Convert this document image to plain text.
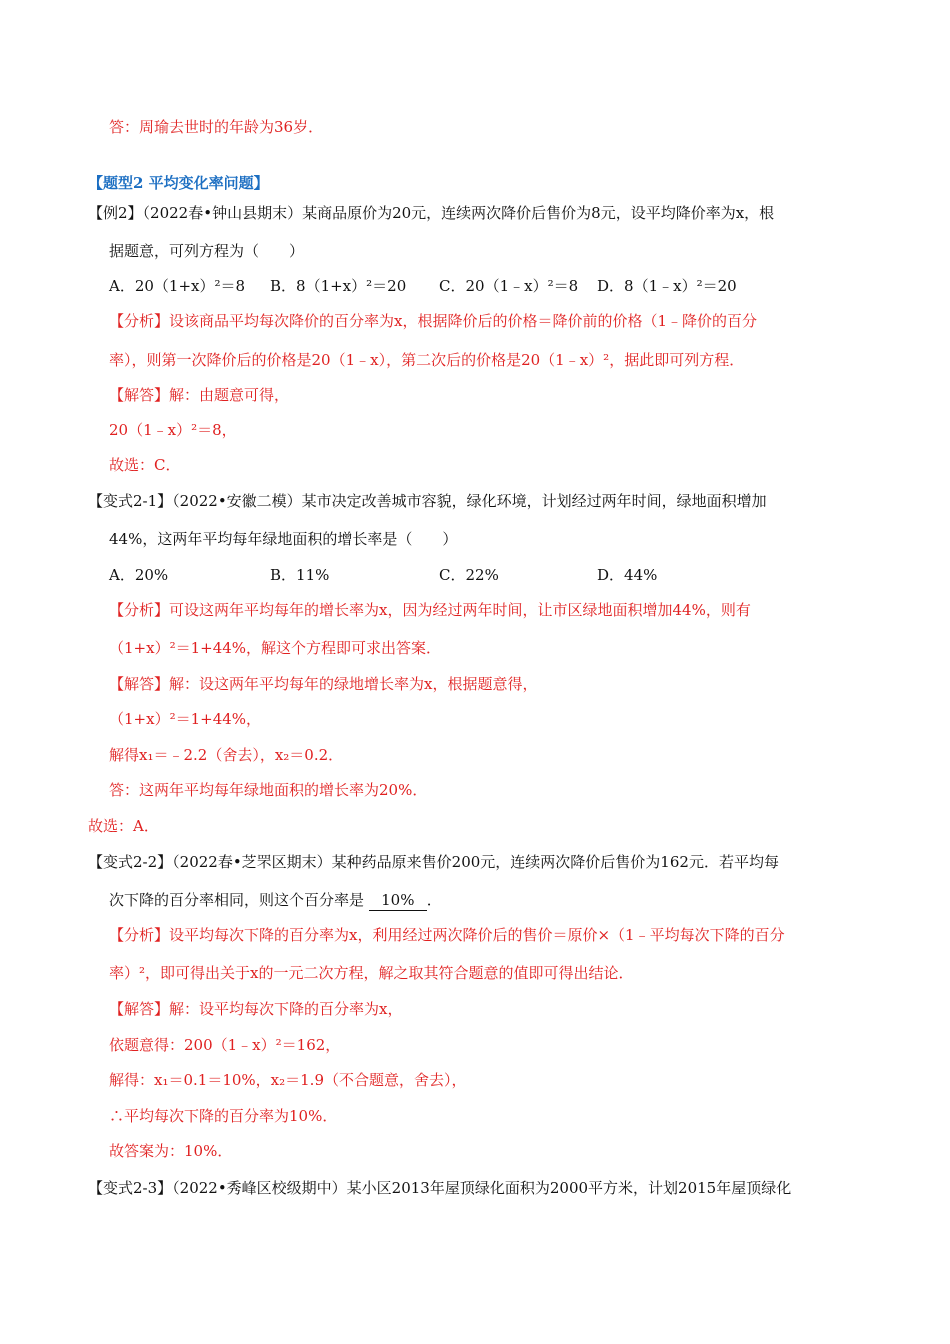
答：周瑜去世时的年龄为36岁．
【题型2 平均变化率问题】
【例2】（2022春•钟山县期末）某商品原价为20元，连续两次降价后售价为8元，设平均降价率为x，根
据题意，可列方程为（　　）
A．20（1+x）²＝8 B．8（1+x）²＝20 C．20（1﹣x）²＝8 D．8（1﹣x）²＝20
【分析】设该商品平均每次降价的百分率为x，根据降价后的价格＝降价前的价格（1﹣降价的百分
率），则第一次降价后的价格是20（1﹣x），第二次后的价格是20（1﹣x）²，据此即可列方程．
【解答】解：由题意可得，
20（1﹣x）²＝8，
故选：C．
【变式2-1】（2022•安徽二模）某市决定改善城市容貌，绿化环境，计划经过两年时间，绿地面积增加
44%，这两年平均每年绿地面积的增长率是（　　）
A．20%	B．11%	C．22%	D．44%
【分析】可设这两年平均每年的增长率为x，因为经过两年时间，让市区绿地面积增加44%，则有
（1+x）²＝1+44%，解这个方程即可求出答案．
【解答】解：设这两年平均每年的绿地增长率为x，根据题意得，
（1+x）²＝1+44%，
解得x₁＝﹣2.2（舍去），x₂＝0.2．
答：这两年平均每年绿地面积的增长率为20%．
故选：A．
【变式2-2】（2022春•芝罘区期末）某种药品原来售价200元，连续两次降价后售价为162元．若平均每
次下降的百分率相同，则这个百分率是 10% ．
【分析】设平均每次下降的百分率为x，利用经过两次降价后的售价＝原价×（1﹣平均每次下降的百分
率）²，即可得出关于x的一元二次方程，解之取其符合题意的值即可得出结论．
【解答】解：设平均每次下降的百分率为x，
依题意得：200（1﹣x）²＝162，
解得：x₁＝0.1＝10%，x₂＝1.9（不合题意，舍去），
∴平均每次下降的百分率为10%．
故答案为：10%．
【变式2-3】（2022•秀峰区校级期中）某小区2013年屋顶绿化面积为2000平方米，计划2015年屋顶绿化
